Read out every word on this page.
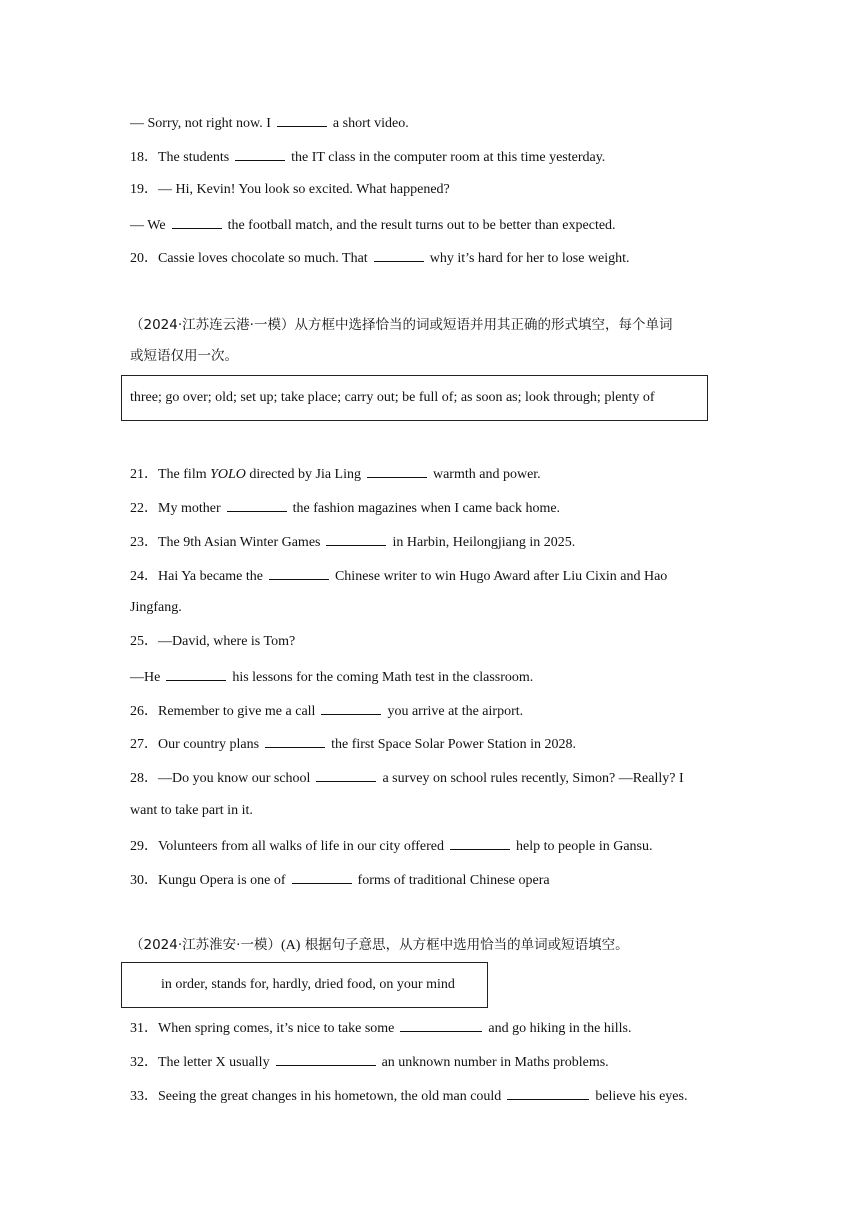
— Sorry, not right now. I	a short video.
18．The students	the IT class in the computer room at this time yesterday.
19．— Hi, Kevin! You look so excited. What happened?
— We	the football match, and the result turns out to be better than expected.
20．Cassie loves chocolate so much. That	why it’s hard for her to lose weight.
（2024·江苏连云港·一模）从方框中选择恰当的词或短语并用其正确的形式填空，每个单词
或短语仅用一次。
three; go over; old; set up; take place; carry out; be full of; as soon as; look through; plenty of
21．The film YOLO directed by Jia Ling	warmth and power.
22．My mother	the fashion magazines when I came back home.
23．The 9th Asian Winter Games	in Harbin, Heilongjiang in 2025.
24．Hai Ya became the	Chinese writer to win Hugo Award after Liu Cixin and Hao
Jingfang.
25．—David, where is Tom?
—He	his lessons for the coming Math test in the classroom.
26．Remember to give me a call	you arrive at the airport.
27．Our country plans	the first Space Solar Power Station in 2028.
28．—Do you know our school	a survey on school rules recently, Simon? —Really? I
want to take part in it.
29．Volunteers from all walks of life in our city offered	help to people in Gansu.
30．Kungu Opera is one of	forms of traditional Chinese opera
（2024·江苏淮安·一模）(A) 根据句子意思，从方框中选用恰当的单词或短语填空。
in order, stands for, hardly, dried food, on your mind
31．When spring comes, it’s nice to take some	and go hiking in the hills.
32．The letter X usually	an unknown number in Maths problems.
33．Seeing the great changes in his hometown, the old man could	believe his eyes.
